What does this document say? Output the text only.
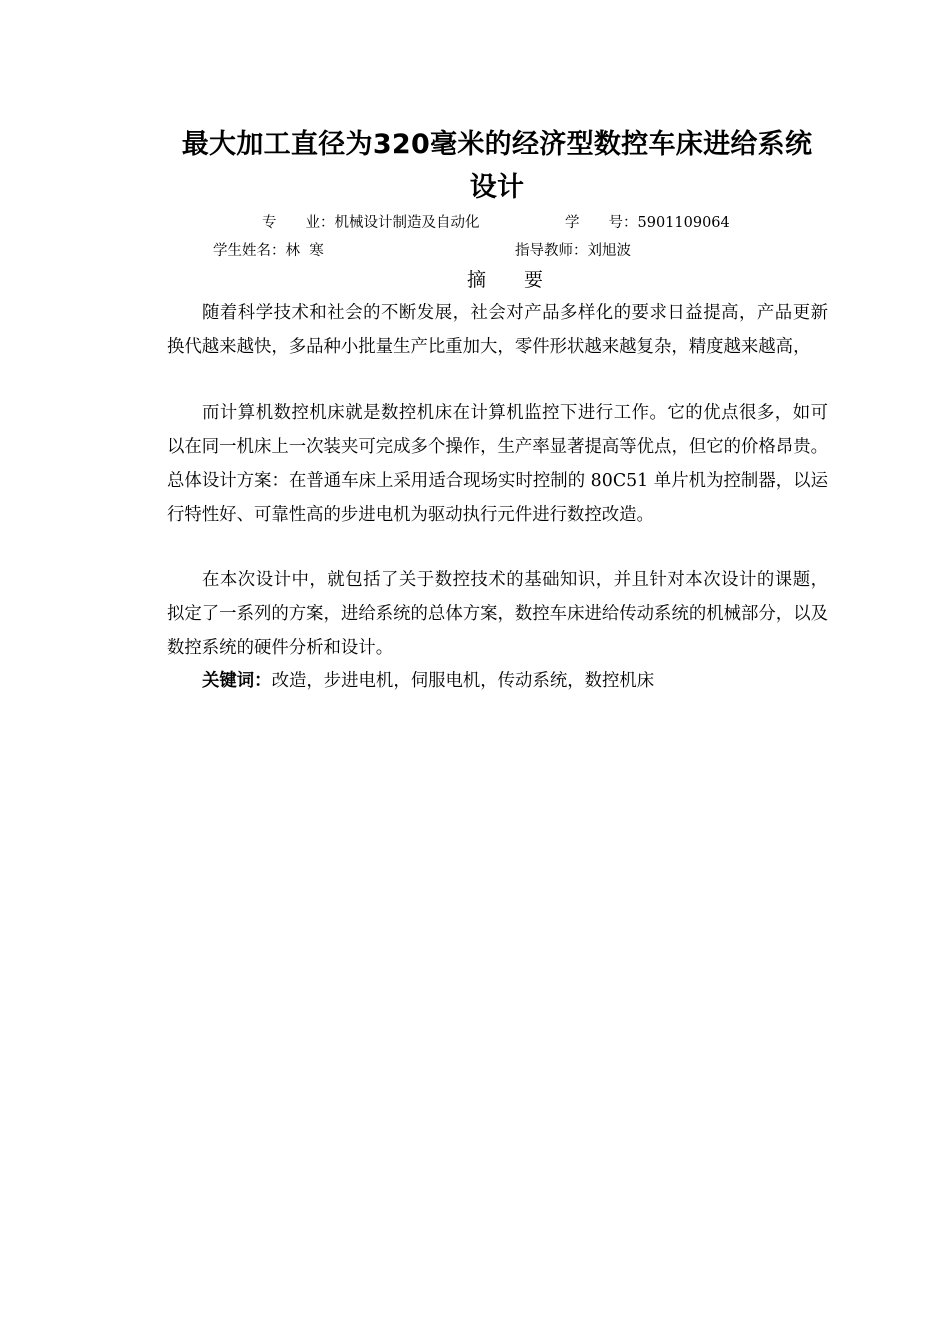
最大加工直径为320毫米的经济型数控车床进给系统
设计
专　　业：机械设计制造及自动化	学　　号：5901109064
学生姓名：林  寒	指导教师：刘旭波
摘　　要

随着科学技术和社会的不断发展，社会对产品多样化的要求日益提高，产品更新换代越来越快，多品种小批量生产比重加大，零件形状越来越复杂，精度越来越高，

而计算机数控机床就是数控机床在计算机监控下进行工作。它的优点很多，如可以在同一机床上一次装夹可完成多个操作，生产率显著提高等优点，但它的价格昂贵。总体设计方案：在普通车床上采用适合现场实时控制的 80C51 单片机为控制器，以运行特性好、可靠性高的步进电机为驱动执行元件进行数控改造。

在本次设计中，就包括了关于数控技术的基础知识，并且针对本次设计的课题，拟定了一系列的方案，进给系统的总体方案，数控车床进给传动系统的机械部分，以及数控系统的硬件分析和设计。

关键词：改造，步进电机，伺服电机，传动系统，数控机床
